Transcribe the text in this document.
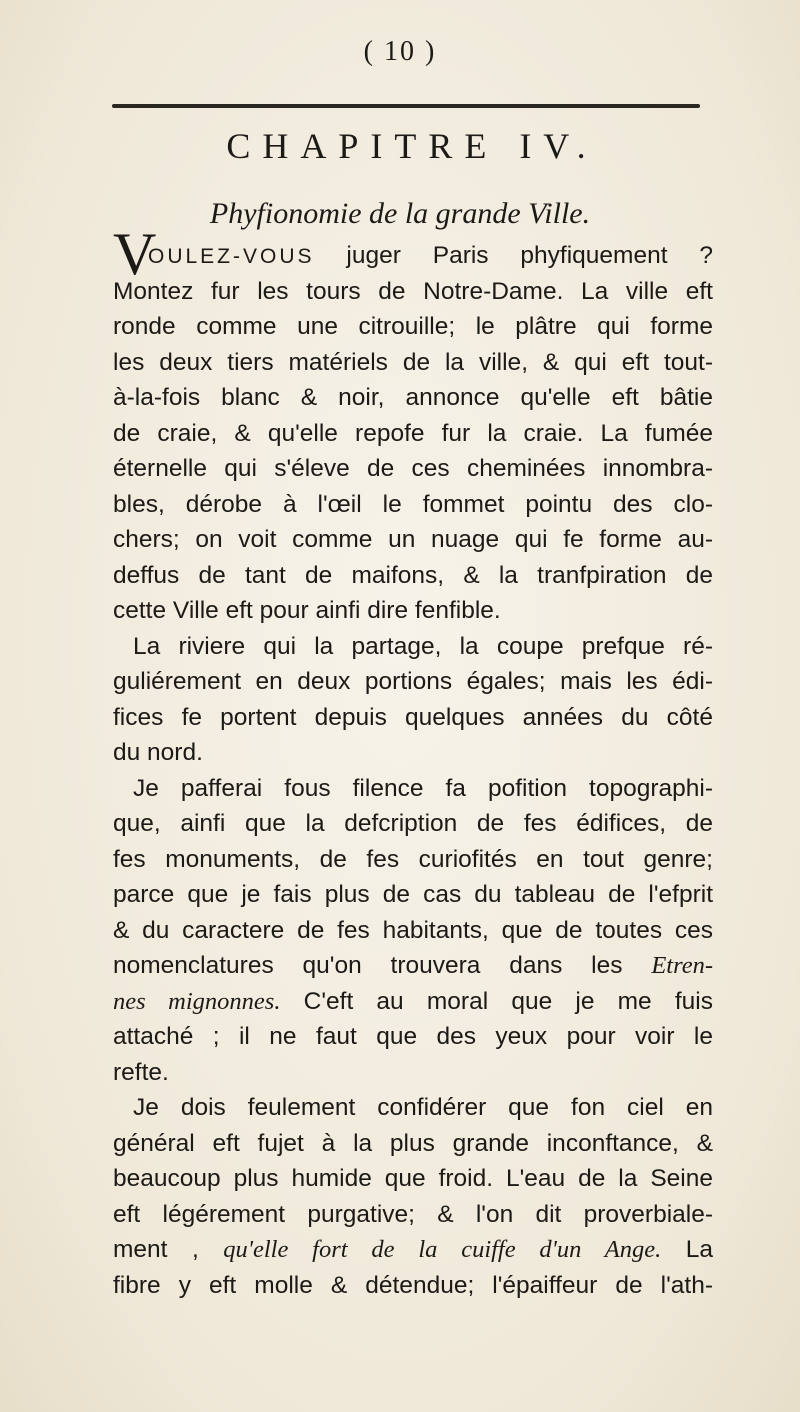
( 10 )
CHAPITRE IV.
Phyfionomie de la grande Ville.
V
OULEZ-VOUS juger Paris phyfiquement ?
Montez fur les tours de Notre-Dame. La ville eft
ronde comme une citrouille; le plâtre qui forme
les deux tiers matériels de la ville, & qui eft tout-
à-la-fois blanc & noir, annonce qu'elle eft bâtie
de craie, & qu'elle repofe fur la craie. La fumée
éternelle qui s'éleve de ces cheminées innombra-
bles, dérobe à l'œil le fommet pointu des clo-
chers; on voit comme un nuage qui fe forme au-
deffus de tant de maifons, & la tranfpiration de
cette Ville eft pour ainfi dire fenfible.
La riviere qui la partage, la coupe prefque ré-
guliérement en deux portions égales; mais les édi-
fices fe portent depuis quelques années du côté
du nord.
Je pafferai fous filence fa pofition topographi-
que, ainfi que la defcription de fes édifices, de
fes monuments, de fes curiofités en tout genre;
parce que je fais plus de cas du tableau de l'efprit
& du caractere de fes habitants, que de toutes ces
nomenclatures qu'on trouvera dans les Etren-
nes mignonnes. C'eft au moral que je me fuis
attaché ; il ne faut que des yeux pour voir le
refte.
Je dois feulement confidérer que fon ciel en
général eft fujet à la plus grande inconftance, &
beaucoup plus humide que froid. L'eau de la Seine
eft légérement purgative; & l'on dit proverbiale-
ment , qu'elle fort de la cuiffe d'un Ange. La
fibre y eft molle & détendue; l'épaiffeur de l'ath-
